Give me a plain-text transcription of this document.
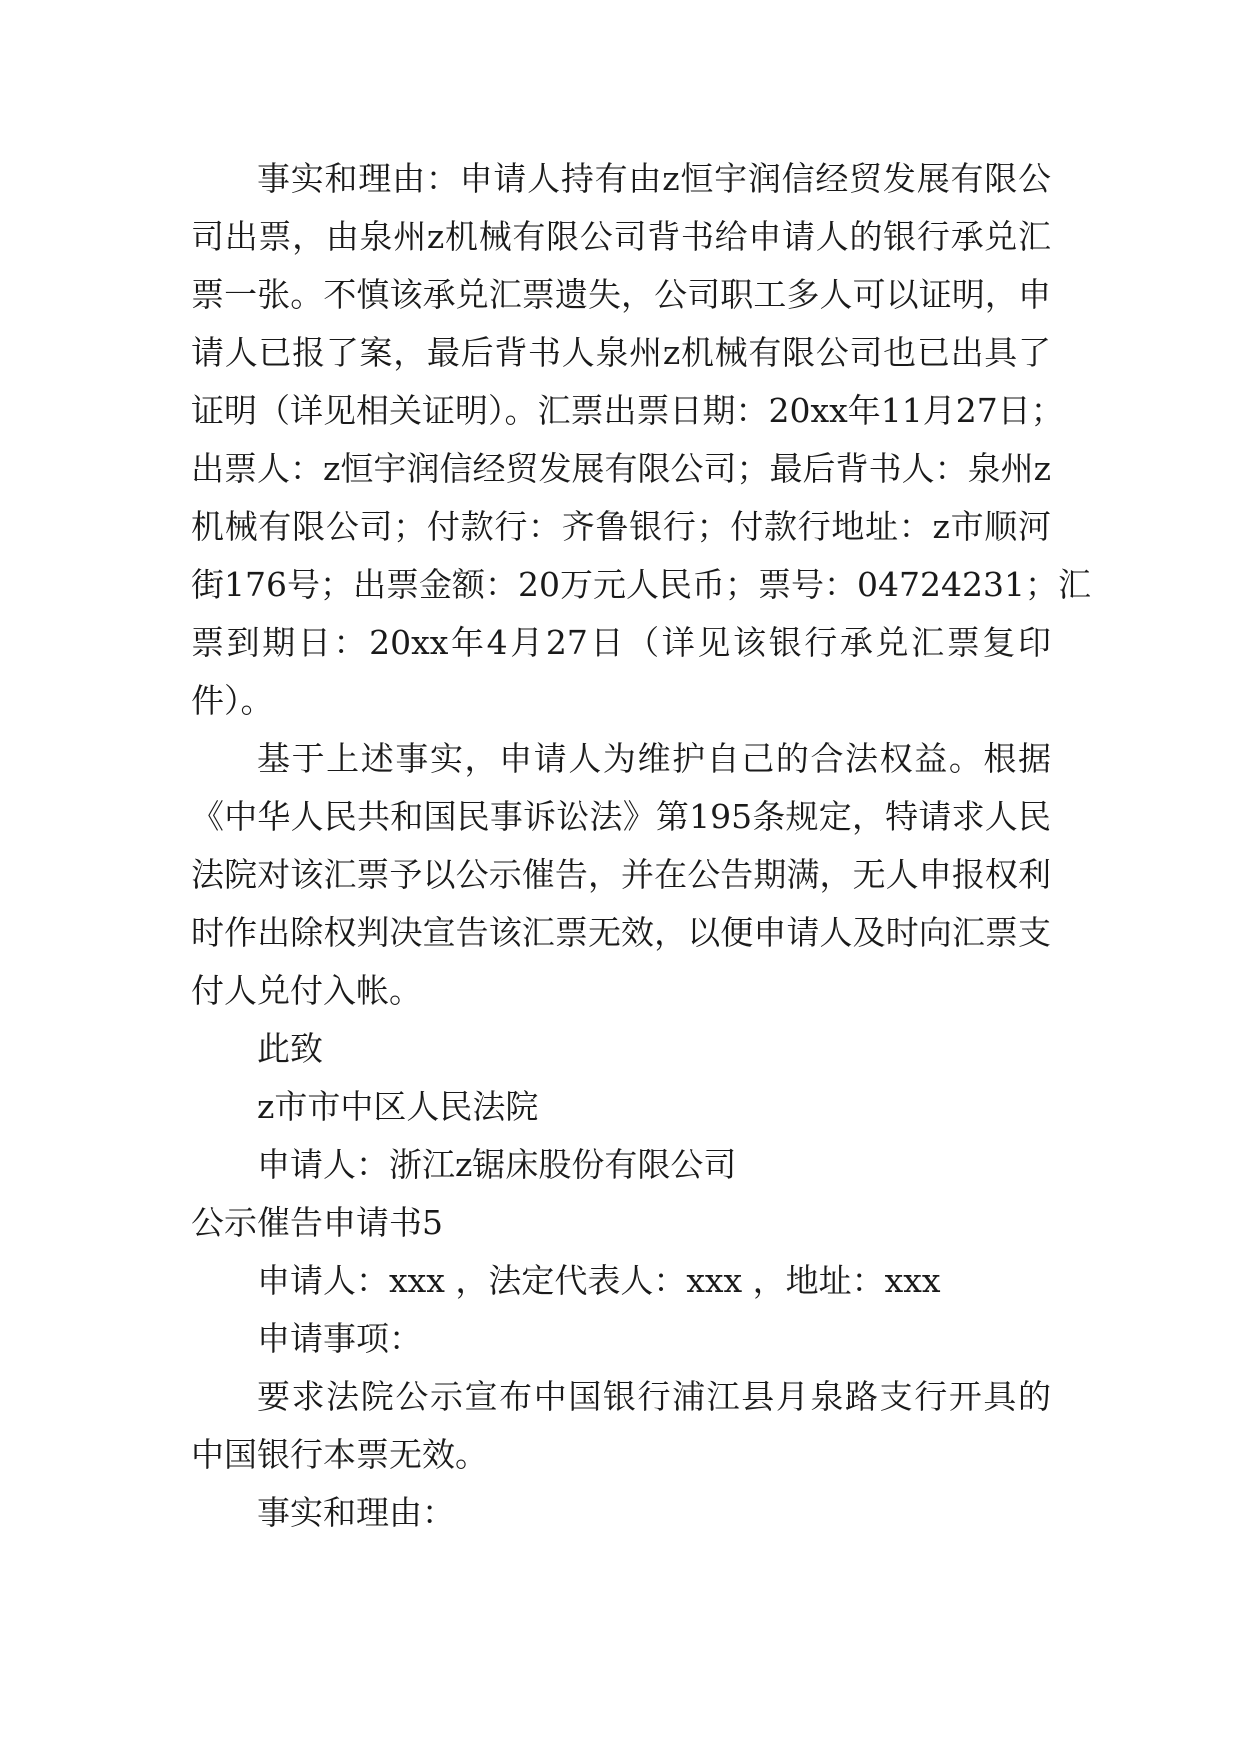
事实和理由：申请人持有由z恒宇润信经贸发展有限公

司出票，由泉州z机械有限公司背书给申请人的银行承兑汇

票一张。不慎该承兑汇票遗失，公司职工多人可以证明，申

请人已报了案，最后背书人泉州z机械有限公司也已出具了

证明（详见相关证明）。汇票出票日期：20xx年11月27日；

出票人：z恒宇润信经贸发展有限公司；最后背书人：泉州z

机械有限公司；付款行：齐鲁银行；付款行地址：z市顺河

街176号；出票金额：20万元人民币；票号：04724231；汇

票到期日：20xx年4月27日（详见该银行承兑汇票复印

件）。

基于上述事实，申请人为维护自己的合法权益。根据

《中华人民共和国民事诉讼法》第195条规定，特请求人民

法院对该汇票予以公示催告，并在公告期满，无人申报权利

时作出除权判决宣告该汇票无效，以便申请人及时向汇票支

付人兑付入帐。

此致

z市市中区人民法院

申请人：浙江z锯床股份有限公司

公示催告申请书5

申请人：xxx ，法定代表人：xxx ，地址：xxx

申请事项：

要求法院公示宣布中国银行浦江县月泉路支行开具的

中国银行本票无效。

事实和理由：
